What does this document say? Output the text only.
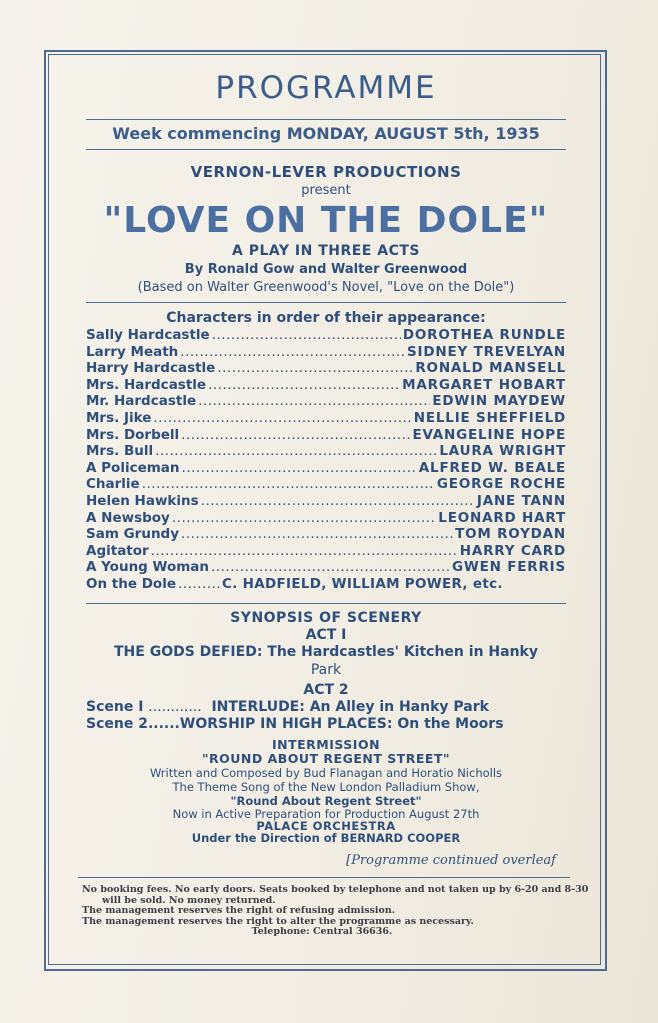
PROGRAMME
Week commencing MONDAY, AUGUST 5th, 1935
VERNON-LEVER PRODUCTIONS
present
"LOVE ON THE DOLE"
A PLAY IN THREE ACTS
By Ronald Gow and Walter Greenwood
(Based on Walter Greenwood's Novel, "Love on the Dole")
Characters in order of their appearance:
Sally Hardcastle .....	DOROTHEA RUNDLE
Larry Meath .....	SIDNEY TREVELYAN
Harry Hardcastle .....	RONALD MANSELL
Mrs. Hardcastle .....	MARGARET HOBART
Mr. Hardcastle .....	EDWIN MAYDEW
Mrs. Jike .....	NELLIE SHEFFIELD
Mrs. Dorbell .....	EVANGELINE HOPE
Mrs. Bull .....	LAURA WRIGHT
A Policeman .....	ALFRED W. BEALE
Charlie .....	GEORGE ROCHE
Helen Hawkins .....	JANE TANN
A Newsboy .....	LEONARD HART
Sam Grundy .....	TOM ROYDAN
Agitator .....	HARRY CARD
A Young Woman .....	GWEN FERRIS
On the Dole .....	C. HADFIELD, WILLIAM POWER, etc.
SYNOPSIS OF SCENERY
ACT I
THE GODS DEFIED: The Hardcastles' Kitchen in Hanky
Park
ACT 2
Scene I ............ INTERLUDE: An Alley in Hanky Park
Scene 2......WORSHIP IN HIGH PLACES: On the Moors
INTERMISSION
"ROUND ABOUT REGENT STREET"
Written and Composed by Bud Flanagan and Horatio Nicholls
The Theme Song of the New London Palladium Show,
"Round About Regent Street"
Now in Active Preparation for Production August 27th
PALACE ORCHESTRA
Under the Direction of BERNARD COOPER
[Programme continued overleaf
No booking fees. No early doors. Seats booked by telephone and not taken up by 6-20 and 8-30
will be sold. No money returned.
The management reserves the right of refusing admission.
The management reserves the right to alter the programme as necessary.
Telephone: Central 36636.
